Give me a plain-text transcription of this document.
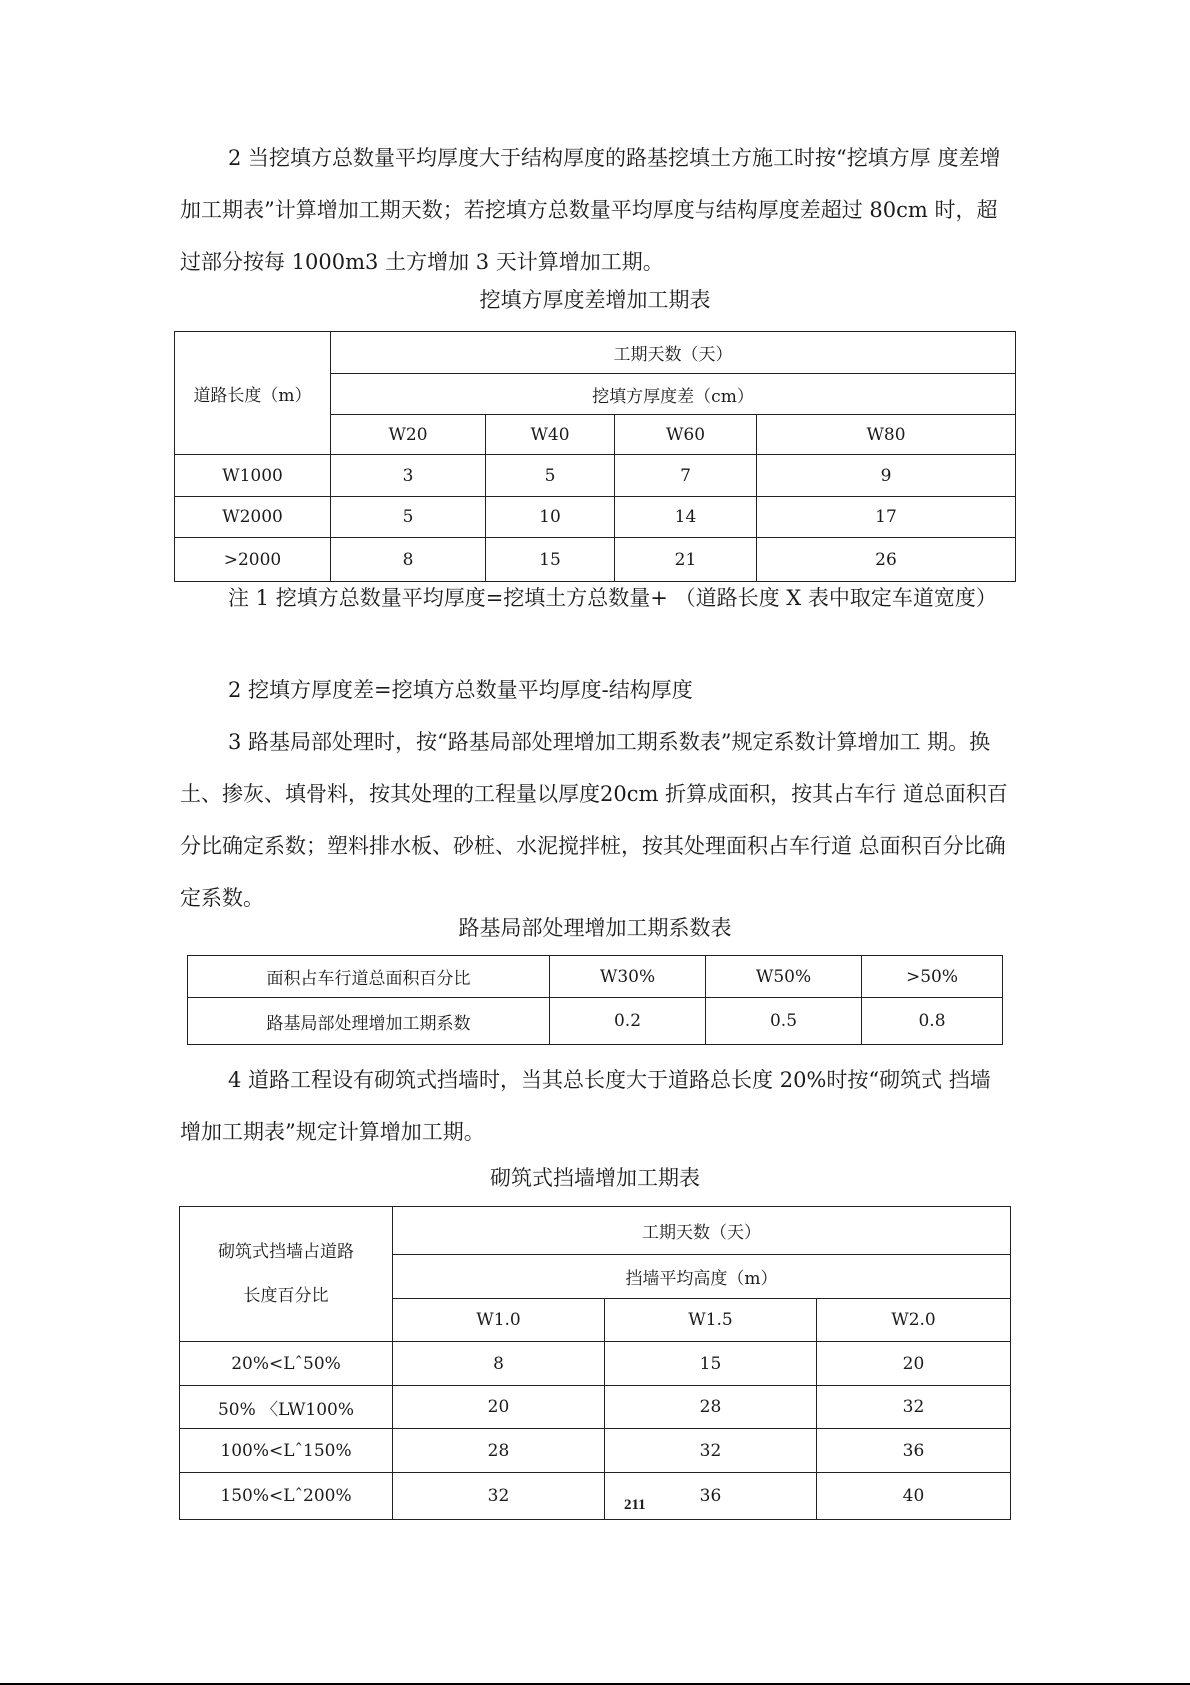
2 当挖填方总数量平均厚度大于结构厚度的路基挖填土方施工时按“挖填方厚 度差增加工期表”计算增加工期天数；若挖填方总数量平均厚度与结构厚度差超过 80cm 时，超过部分按每 1000m3 土方增加 3 天计算增加工期。

挖填方厚度差增加工期表

道路长度（m）	工期天数（天）			
	挖填方厚度差（cm）			
	W20	W40	W60	W80
W1000	3	5	7	9
W2000	5	10	14	17
>2000	8	15	21	26

注 1 挖填方总数量平均厚度=挖填土方总数量+ （道路长度 X 表中取定车道宽度）

2 挖填方厚度差=挖填方总数量平均厚度-结构厚度

3 路基局部处理时，按“路基局部处理增加工期系数表”规定系数计算增加工 期。换土、掺灰、填骨料，按其处理的工程量以厚度20cm 折算成面积，按其占车行 道总面积百分比确定系数；塑料排水板、砂桩、水泥搅拌桩，按其处理面积占车行道 总面积百分比确定系数。

路基局部处理增加工期系数表

面积占车行道总面积百分比	W30%	W50%	>50%
路基局部处理增加工期系数	0.2	0.5	0.8

4 道路工程设有砌筑式挡墙时，当其总长度大于道路总长度 20%时按“砌筑式 挡墙增加工期表”规定计算增加工期。

砌筑式挡墙增加工期表

砌筑式挡墙占道路
长度百分比	工期天数（天）		
	挡墙平均高度（m）		
	W1.0	W1.5	W2.0
20%<Lˆ50%	8	15	20
50% 〈LW100%	20	28	32
100%<Lˆ150%	28	32	36
150%<Lˆ200%	32	36	40
211
